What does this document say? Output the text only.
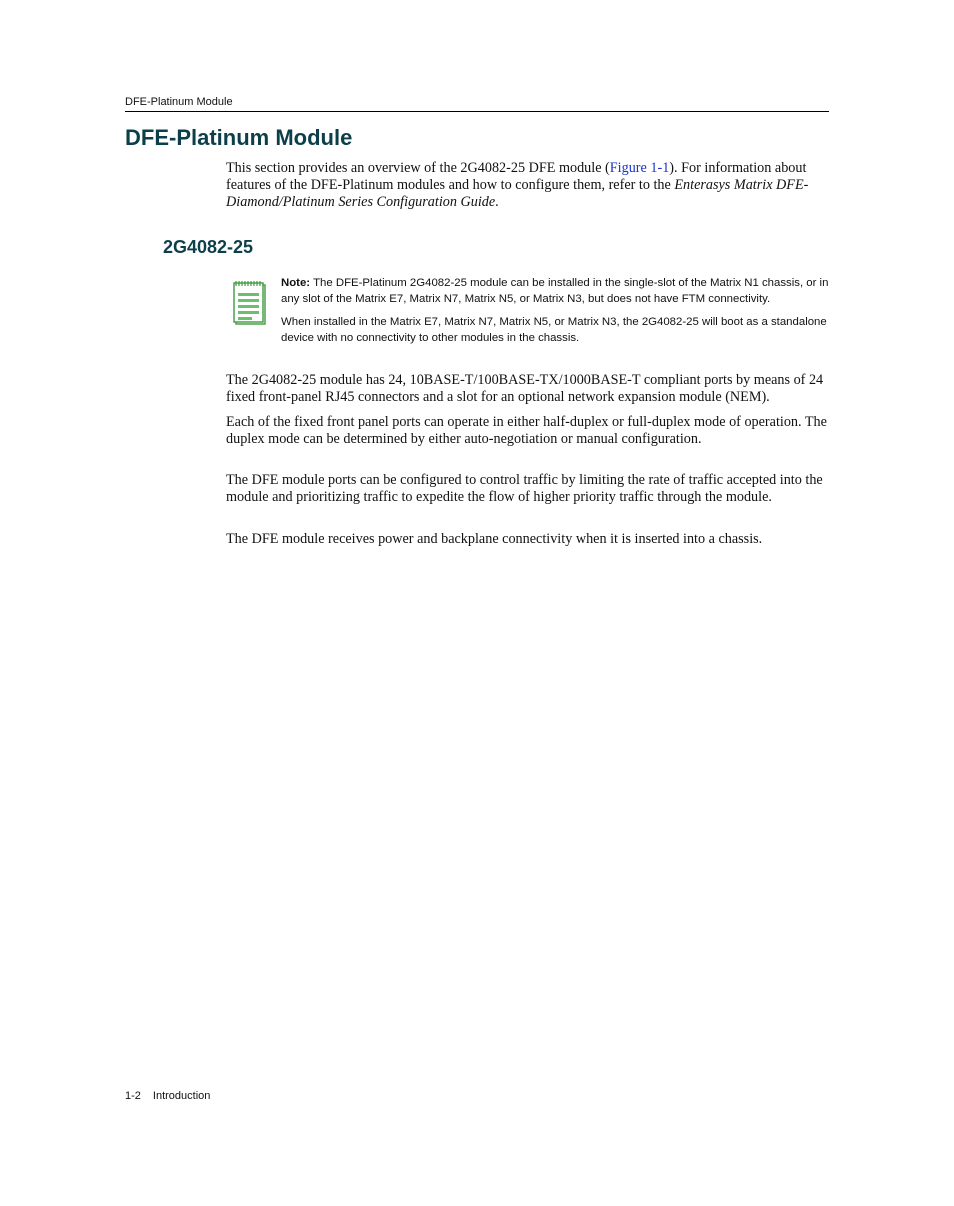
DFE-Platinum Module
DFE-Platinum Module

This section provides an overview of the 2G4082-25 DFE module (Figure 1-1). For information about features of the DFE-Platinum modules and how to configure them, refer to the Enterasys Matrix DFE-Diamond/Platinum Series Configuration Guide.

2G4082-25

Note: The DFE-Platinum 2G4082-25 module can be installed in the single-slot of the Matrix N1 chassis, or in any slot of the Matrix E7, Matrix N7, Matrix N5, or Matrix N3, but does not have FTM connectivity.

When installed in the Matrix E7, Matrix N7, Matrix N5, or Matrix N3, the 2G4082-25 will boot as a standalone device with no connectivity to other modules in the chassis.

The 2G4082-25 module has 24, 10BASE-T/100BASE-TX/1000BASE-T compliant ports by means of 24 fixed front-panel RJ45 connectors and a slot for an optional network expansion module (NEM).

Each of the fixed front panel ports can operate in either half-duplex or full-duplex mode of operation. The duplex mode can be determined by either auto-negotiation or manual configuration.

The DFE module ports can be configured to control traffic by limiting the rate of traffic accepted into the module and prioritizing traffic to expedite the flow of higher priority traffic through the module.

The DFE module receives power and backplane connectivity when it is inserted into a chassis.

1-2 Introduction
